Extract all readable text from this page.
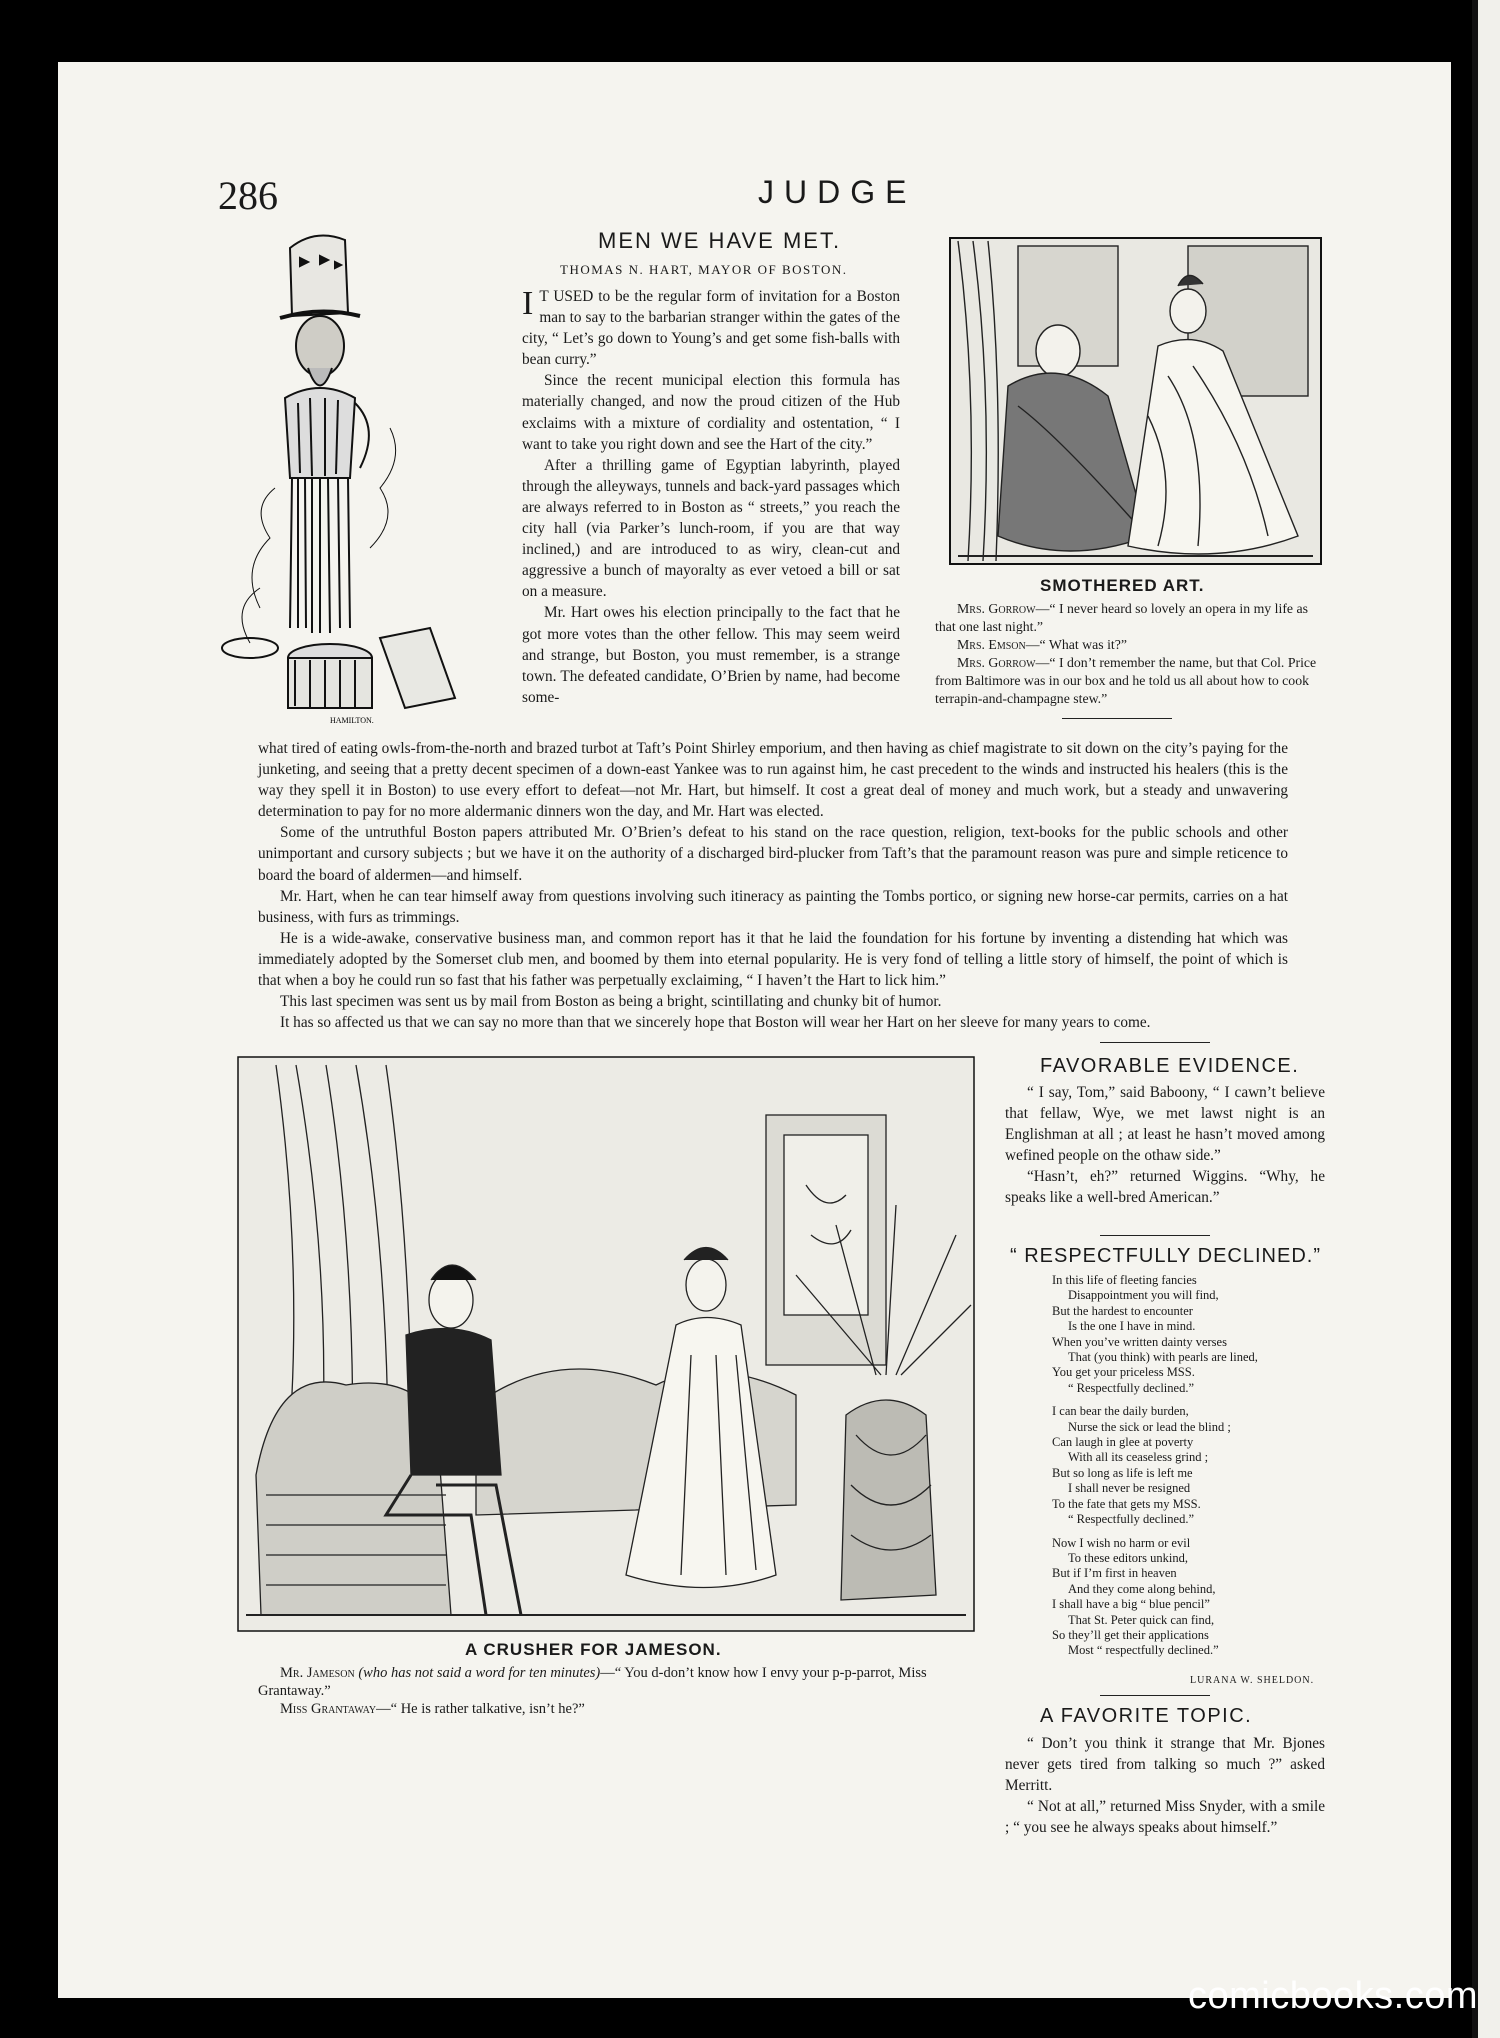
286	JUDGE
HAMILTON.
MEN WE HAVE MET.
THOMAS N. HART, MAYOR OF BOSTON.

I T USED to be the regular form of invitation for a Boston man to say to the barbarian stranger within the gates of the city, “ Let’s go down to Young’s and get some fish-balls with bean curry.”

Since the recent municipal election this formula has materially changed, and now the proud citizen of the Hub exclaims with a mixture of cordiality and ostentation, “ I want to take you right down and see the Hart of the city.”

After a thrilling game of Egyptian labyrinth, played through the alleyways, tunnels and back-yard passages which are always referred to in Boston as “ streets,” you reach the city hall (via Parker’s lunch-room, if you are that way inclined,) and are introduced to as wiry, clean-cut and aggressive a bunch of mayoralty as ever vetoed a bill or sat on a measure.

Mr. Hart owes his election principally to the fact that he got more votes than the other fellow. This may seem weird and strange, but Boston, you must remember, is a strange town. The defeated candidate, O’Brien by name, had become some-

SMOTHERED ART.

Mrs. Gorrow—“ I never heard so lovely an opera in my life as that one last night.”

Mrs. Emson—“ What was it?”

Mrs. Gorrow—“ I don’t remember the name, but that Col. Price from Baltimore was in our box and he told us all about how to cook terrapin-and-champagne stew.”

what tired of eating owls-from-the-north and brazed turbot at Taft’s Point Shirley emporium, and then having as chief magistrate to sit down on the city’s paying for the junketing, and seeing that a pretty decent specimen of a down-east Yankee was to run against him, he cast precedent to the winds and instructed his healers (this is the way they spell it in Boston) to use every effort to defeat—not Mr. Hart, but himself. It cost a great deal of money and much work, but a steady and unwavering determination to pay for no more aldermanic dinners won the day, and Mr. Hart was elected.

Some of the untruthful Boston papers attributed Mr. O’Brien’s defeat to his stand on the race question, religion, text-books for the public schools and other unimportant and cursory subjects ; but we have it on the authority of a discharged bird-plucker from Taft’s that the paramount reason was pure and simple reticence to board the board of aldermen—and himself.

Mr. Hart, when he can tear himself away from questions involving such itineracy as painting the Tombs portico, or signing new horse-car permits, carries on a hat business, with furs as trimmings.

He is a wide-awake, conservative business man, and common report has it that he laid the foundation for his fortune by inventing a distending hat which was immediately adopted by the Somerset club men, and boomed by them into eternal popularity. He is very fond of telling a little story of himself, the point of which is that when a boy he could run so fast that his father was perpetually exclaiming, “ I haven’t the Hart to lick him.”

This last specimen was sent us by mail from Boston as being a bright, scintillating and chunky bit of humor.

It has so affected us that we can say no more than that we sincerely hope that Boston will wear her Hart on her sleeve for many years to come.

A CRUSHER FOR JAMESON.

Mr. Jameson (who has not said a word for ten minutes)—“ You d-don’t know how I envy your p-p-parrot, Miss Grantaway.”

Miss Grantaway—“ He is rather talkative, isn’t he?”

FAVORABLE EVIDENCE.

“ I say, Tom,” said Baboony, “ I cawn’t believe that fellaw, Wye, we met lawst night is an Englishman at all ; at least he hasn’t moved among wefined people on the othaw side.”

“Hasn’t, eh?” returned Wiggins. “Why, he speaks like a well-bred American.”

“ RESPECTFULLY DECLINED.”
In this life of fleeting fancies
Disappointment you will find,
But the hardest to encounter
Is the one I have in mind.
When you’ve written dainty verses
That (you think) with pearls are lined,
You get your priceless MSS.
“ Respectfully declined.”
I can bear the daily burden,
Nurse the sick or lead the blind ;
Can laugh in glee at poverty
With all its ceaseless grind ;
But so long as life is left me
I shall never be resigned
To the fate that gets my MSS.
“ Respectfully declined.”
Now I wish no harm or evil
To these editors unkind,
But if I’m first in heaven
And they come along behind,
I shall have a big “ blue pencil”
That St. Peter quick can find,
So they’ll get their applications
Most “ respectfully declined.”
LURANA W. SHELDON.
A FAVORITE TOPIC.

“ Don’t you think it strange that Mr. Bjones never gets tired from talking so much ?” asked Merritt.

“ Not at all,” returned Miss Snyder, with a smile ; “ you see he always speaks about himself.”

comicbooks.com
